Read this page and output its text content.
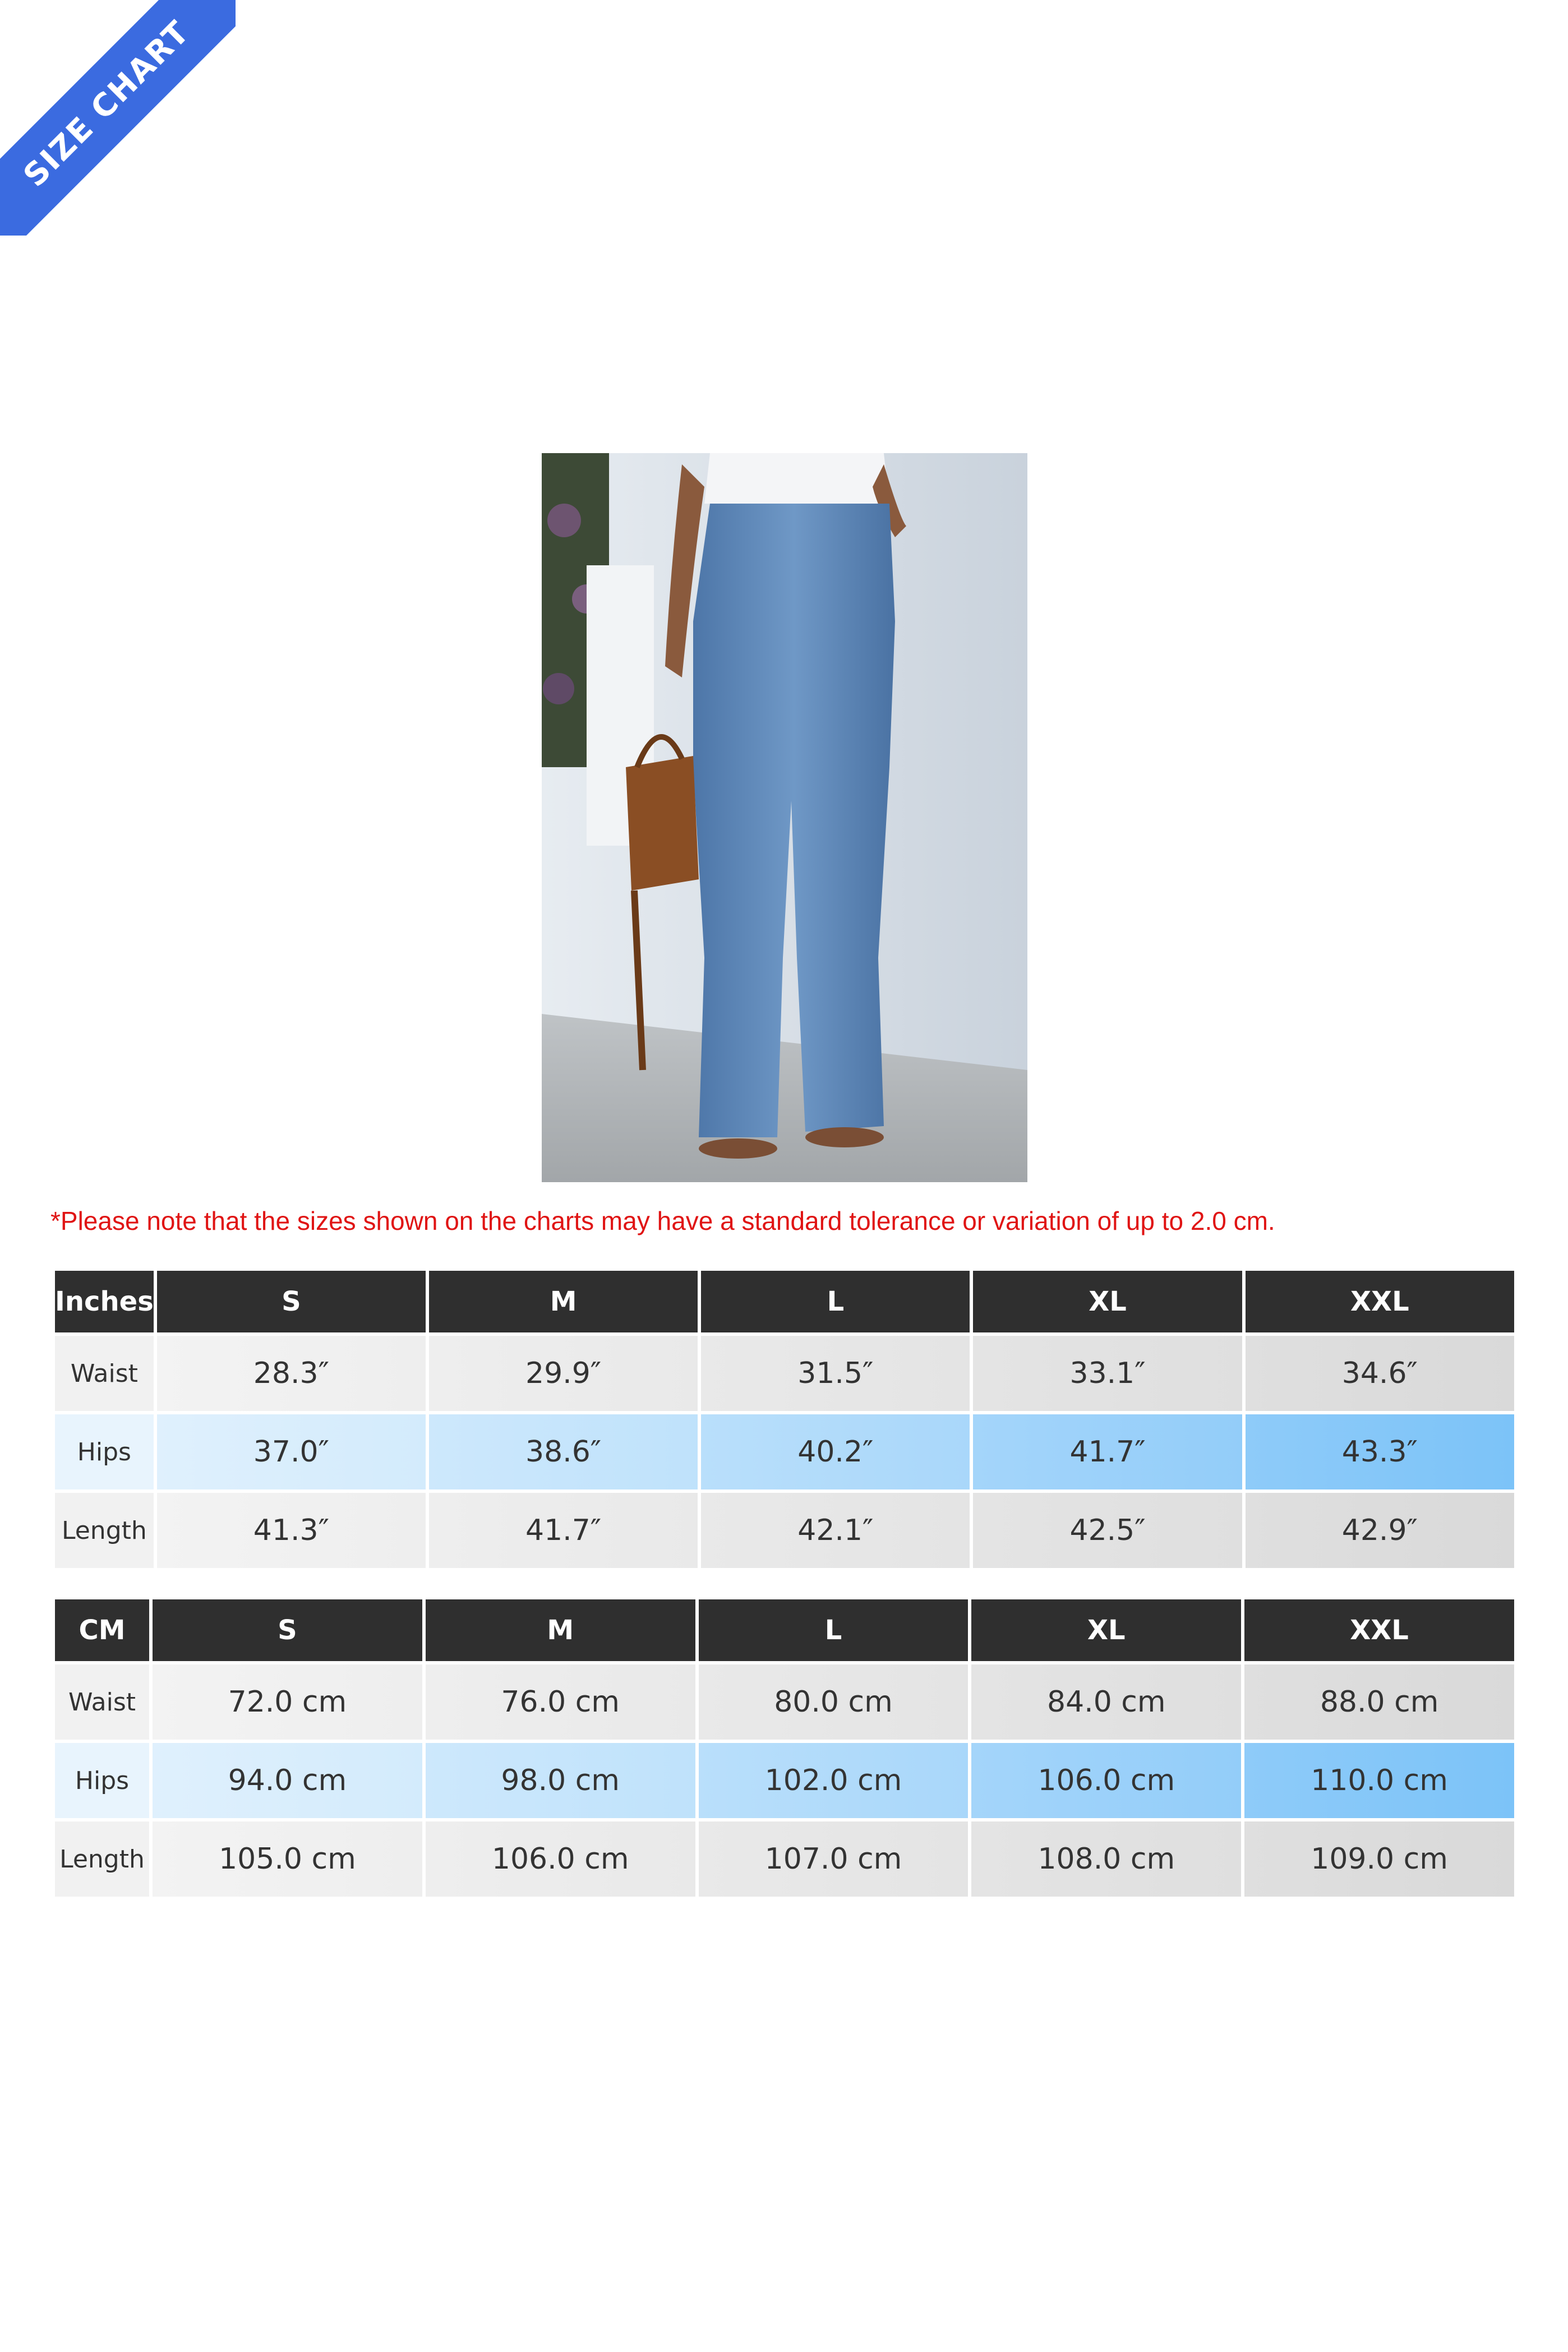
SIZE CHART
*Please note that the sizes shown on the charts may have a standard tolerance or variation of up to 2.0 cm.
Inches	S	M	L	XL	XXL
Waist	28.3″	29.9″	31.5″	33.1″	34.6″
Hips	37.0″	38.6″	40.2″	41.7″	43.3″
Length	41.3″	41.7″	42.1″	42.5″	42.9″
CM	S	M	L	XL	XXL
Waist	72.0 cm	76.0 cm	80.0 cm	84.0 cm	88.0 cm
Hips	94.0 cm	98.0 cm	102.0 cm	106.0 cm	110.0 cm
Length	105.0 cm	106.0 cm	107.0 cm	108.0 cm	109.0 cm
